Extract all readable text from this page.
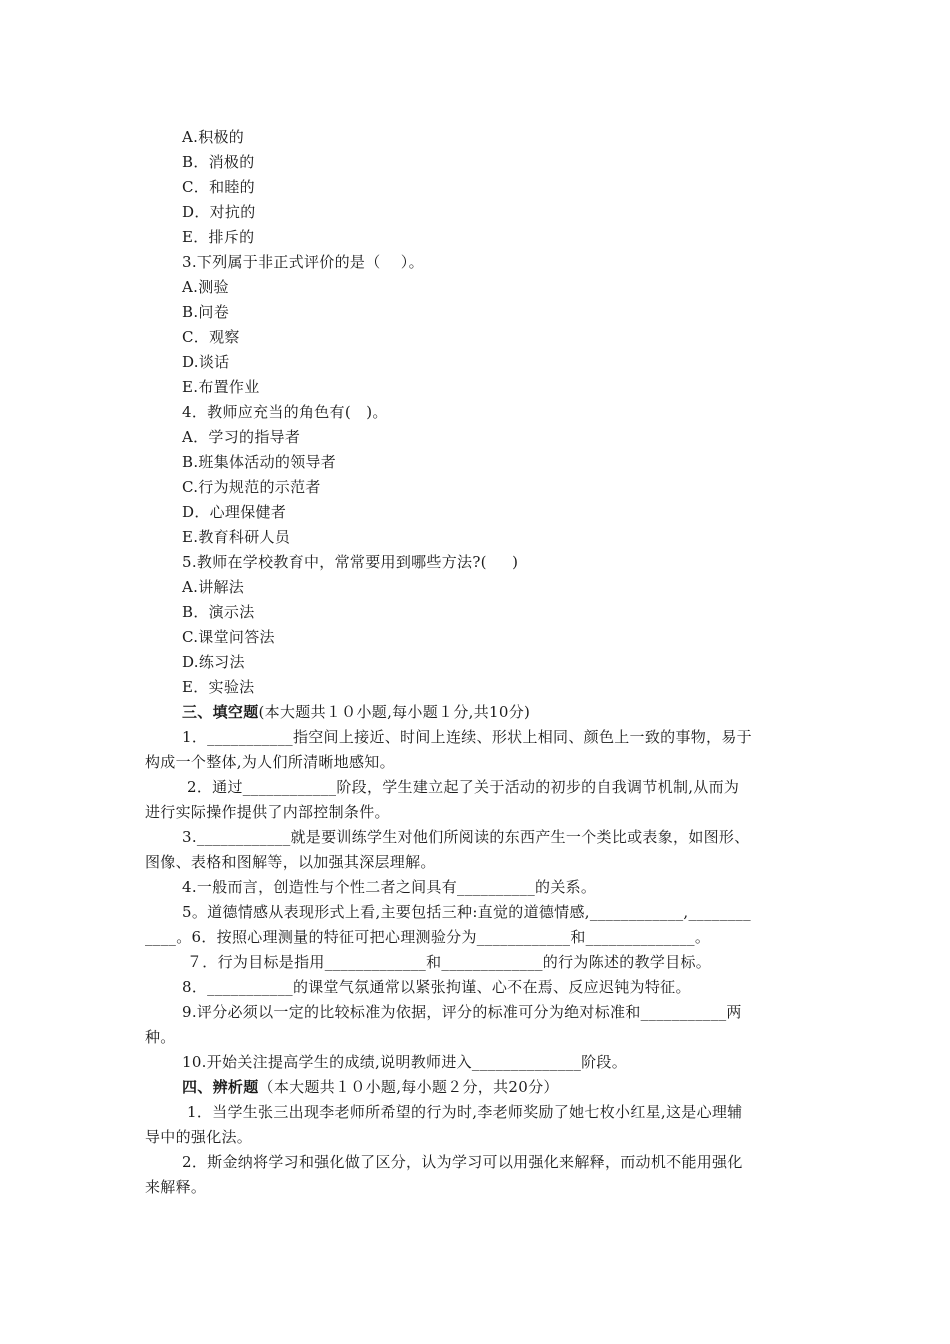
A.积极的
B．消极的
C．和睦的
D．对抗的
E．排斥的
3.下列属于非正式评价的是（    ）。
A.测验
B.问卷
C．观察
D.谈话
E.布置作业
4．教师应充当的角色有(   )。
A．学习的指导者
B.班集体活动的领导者
C.行为规范的示范者
D．心理保健者
E.教育科研人员
5.教师在学校教育中，常常要用到哪些方法?(     )
A.讲解法
B．演示法
C.课堂问答法
D.练习法
E．实验法
三、填空题(本大题共１０小题,每小题１分,共10分)
1．___________指空间上接近、时间上连续、形状上相同、颜色上一致的事物，易于
构成一个整体,为人们所清晰地感知。
2．通过____________阶段，学生建立起了关于活动的初步的自我调节机制,从而为
进行实际操作提供了内部控制条件。
3.____________就是要训练学生对他们所阅读的东西产生一个类比或表象，如图形、
图像、表格和图解等，以加强其深层理解。
4.一般而言，创造性与个性二者之间具有__________的关系。
5。道德情感从表现形式上看,主要包括三种:直觉的道德情感,____________,________
____。6．按照心理测量的特征可把心理测验分为____________和______________。
７．行为目标是指用_____________和_____________的行为陈述的教学目标。
8．___________的课堂气氛通常以紧张拘谨、心不在焉、反应迟钝为特征。
9.评分必须以一定的比较标准为依据，评分的标准可分为绝对标准和___________两
种。
10.开始关注提高学生的成绩,说明教师进入______________阶段。
四、辨析题（本大题共１０小题,每小题２分，共20分）
1．当学生张三出现李老师所希望的行为时,李老师奖励了她七枚小红星,这是心理辅
导中的强化法。
2．斯金纳将学习和强化做了区分，认为学习可以用强化来解释，而动机不能用强化
来解释。
